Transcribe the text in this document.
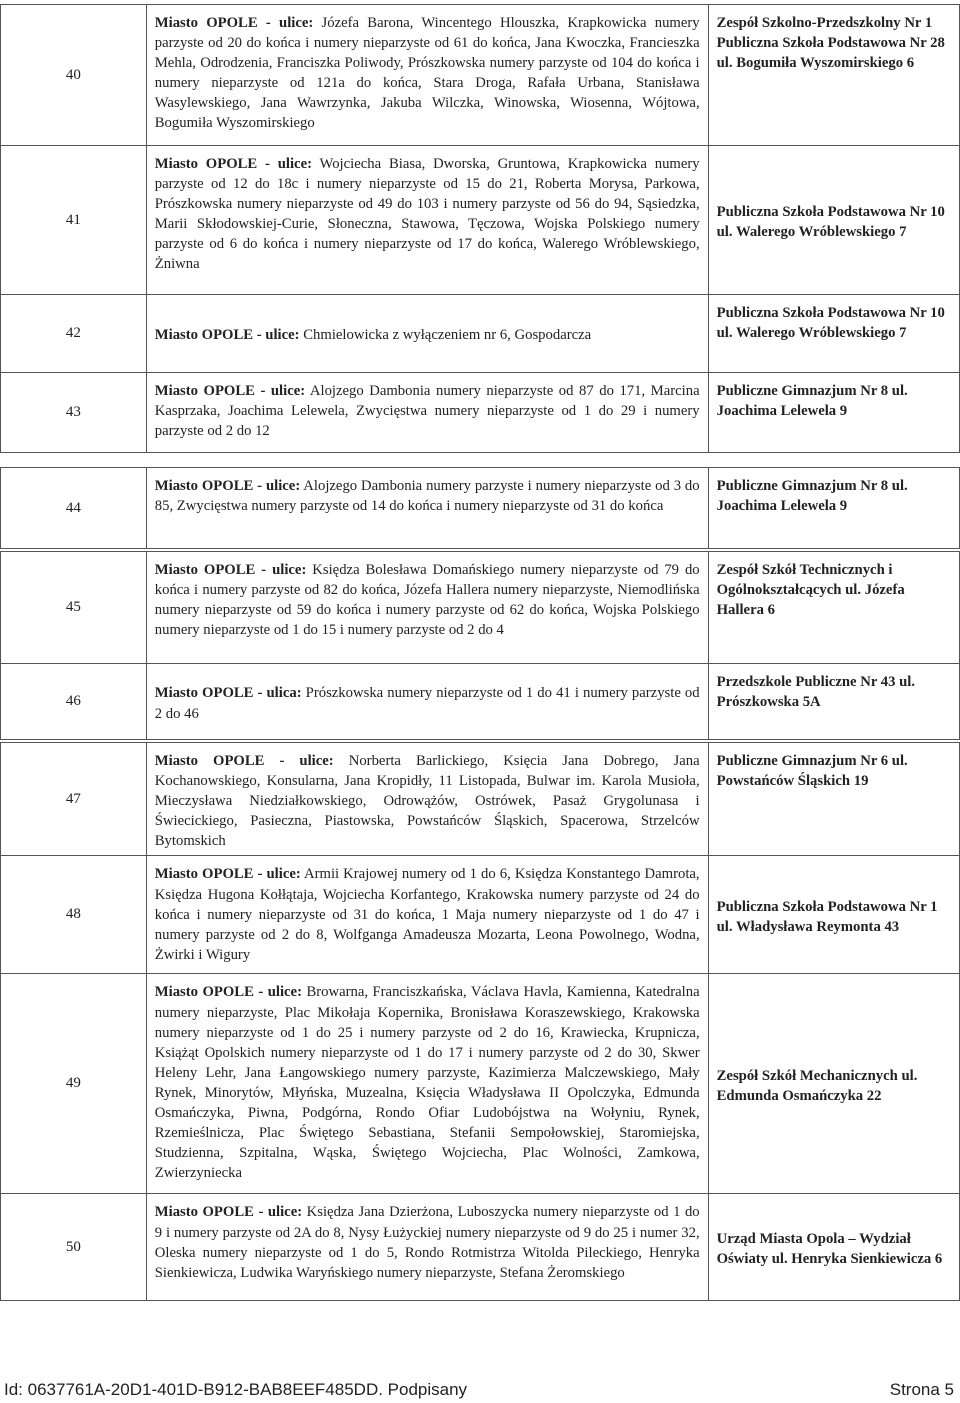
40	Miasto OPOLE - ulice: Józefa Barona, Wincentego Hlouszka, Krapkowicka numery parzyste od 20 do końca i numery nieparzyste od 61 do końca, Jana Kwoczka, Francieszka Mehla, Odrodzenia, Franciszka Poliwody, Prószkowska numery parzyste od 104 do końca i numery nieparzyste od 121a do końca, Stara Droga, Rafała Urbana, Stanisława Wasylewskiego, Jana Wawrzynka, Jakuba Wilczka, Winowska, Wiosenna, Wójtowa, Bogumiła Wyszomirskiego	Zespół Szkolno-Przedszkolny Nr 1 Publiczna Szkoła Podstawowa Nr 28 ul. Bogumiła Wyszomirskiego 6
41	Miasto OPOLE - ulice: Wojciecha Biasa, Dworska, Gruntowa, Krapkowicka numery parzyste od 12 do 18c i numery nieparzyste od 15 do 21, Roberta Morysa, Parkowa, Prószkowska numery nieparzyste od 49 do 103 i numery parzyste od 56 do 94, Sąsiedzka, Marii Skłodowskiej-Curie, Słoneczna, Stawowa, Tęczowa, Wojska Polskiego numery parzyste od 6 do końca i numery nieparzyste od 17 do końca, Walerego Wróblewskiego, Żniwna	Publiczna Szkoła Podstawowa Nr 10 ul. Walerego Wróblewskiego 7
42	Miasto OPOLE - ulice: Chmielowicka z wyłączeniem nr 6, Gospodarcza	Publiczna Szkoła Podstawowa Nr 10 ul. Walerego Wróblewskiego 7
43	Miasto OPOLE - ulice: Alojzego Dambonia numery nieparzyste od 87 do 171, Marcina Kasprzaka, Joachima Lelewela, Zwycięstwa numery nieparzyste od 1 do 29 i numery parzyste od 2 do 12	Publiczne Gimnazjum Nr 8 ul. Joachima Lelewela 9
44	Miasto OPOLE - ulice: Alojzego Dambonia numery parzyste i numery nieparzyste od 3 do 85, Zwycięstwa numery parzyste od 14 do końca i numery nieparzyste od 31 do końca	Publiczne Gimnazjum Nr 8 ul. Joachima Lelewela 9
45	Miasto OPOLE - ulice: Księdza Bolesława Domańskiego numery nieparzyste od 79 do końca i numery parzyste od 82 do końca, Józefa Hallera numery nieparzyste, Niemodlińska numery nieparzyste od 59 do końca i numery parzyste od 62 do końca, Wojska Polskiego numery nieparzyste od 1 do 15 i numery parzyste od 2 do 4	Zespół Szkół Technicznych i Ogólnokształcących ul. Józefa Hallera 6
46	Miasto OPOLE - ulica: Prószkowska numery nieparzyste od 1 do 41 i numery parzyste od 2 do 46	Przedszkole Publiczne Nr 43 ul. Prószkowska 5A
47	Miasto OPOLE - ulice: Norberta Barlickiego, Księcia Jana Dobrego, Jana Kochanowskiego, Konsularna, Jana Kropidły, 11 Listopada, Bulwar im. Karola Musioła, Mieczysława Niedziałkowskiego, Odrowążów, Ostrówek, Pasaż Grygolunasa i Świecickiego, Pasieczna, Piastowska, Powstańców Śląskich, Spacerowa, Strzelców Bytomskich	Publiczne Gimnazjum Nr 6 ul. Powstańców Śląskich 19
48	Miasto OPOLE - ulice: Armii Krajowej numery od 1 do 6, Księdza Konstantego Damrota, Księdza Hugona Kołłątaja, Wojciecha Korfantego, Krakowska numery parzyste od 24 do końca i numery nieparzyste od 31 do końca, 1 Maja numery nieparzyste od 1 do 47 i numery parzyste od 2 do 8, Wolfganga Amadeusza Mozarta, Leona Powolnego, Wodna, Żwirki i Wigury	Publiczna Szkoła Podstawowa Nr 1 ul. Władysława Reymonta 43
49	Miasto OPOLE - ulice: Browarna, Franciszkańska, Václava Havla, Kamienna, Katedralna numery nieparzyste, Plac Mikołaja Kopernika, Bronisława Koraszewskiego, Krakowska numery nieparzyste od 1 do 25 i numery parzyste od 2 do 16, Krawiecka, Krupnicza, Książąt Opolskich numery nieparzyste od 1 do 17 i numery parzyste od 2 do 30, Skwer Heleny Lehr, Jana Łangowskiego numery parzyste, Kazimierza Malczewskiego, Mały Rynek, Minorytów, Młyńska, Muzealna, Księcia Władysława II Opolczyka, Edmunda Osmańczyka, Piwna, Podgórna, Rondo Ofiar Ludobójstwa na Wołyniu, Rynek, Rzemieślnicza, Plac Świętego Sebastiana, Stefanii Sempołowskiej, Staromiejska, Studzienna, Szpitalna, Wąska, Świętego Wojciecha, Plac Wolności, Zamkowa, Zwierzyniecka	Zespół Szkół Mechanicznych ul. Edmunda Osmańczyka 22
50	Miasto OPOLE - ulice: Księdza Jana Dzierżona, Luboszycka numery nieparzyste od 1 do 9 i numery parzyste od 2A do 8, Nysy Łużyckiej numery nieparzyste od 9 do 25 i numer 32, Oleska numery nieparzyste od 1 do 5, Rondo Rotmistrza Witolda Pileckiego, Henryka Sienkiewicza, Ludwika Waryńskiego numery nieparzyste, Stefana Żeromskiego	Urząd Miasta Opola – Wydział Oświaty ul. Henryka Sienkiewicza 6
Id: 0637761A-20D1-401D-B912-BAB8EEF485DD. Podpisany	Strona 5
